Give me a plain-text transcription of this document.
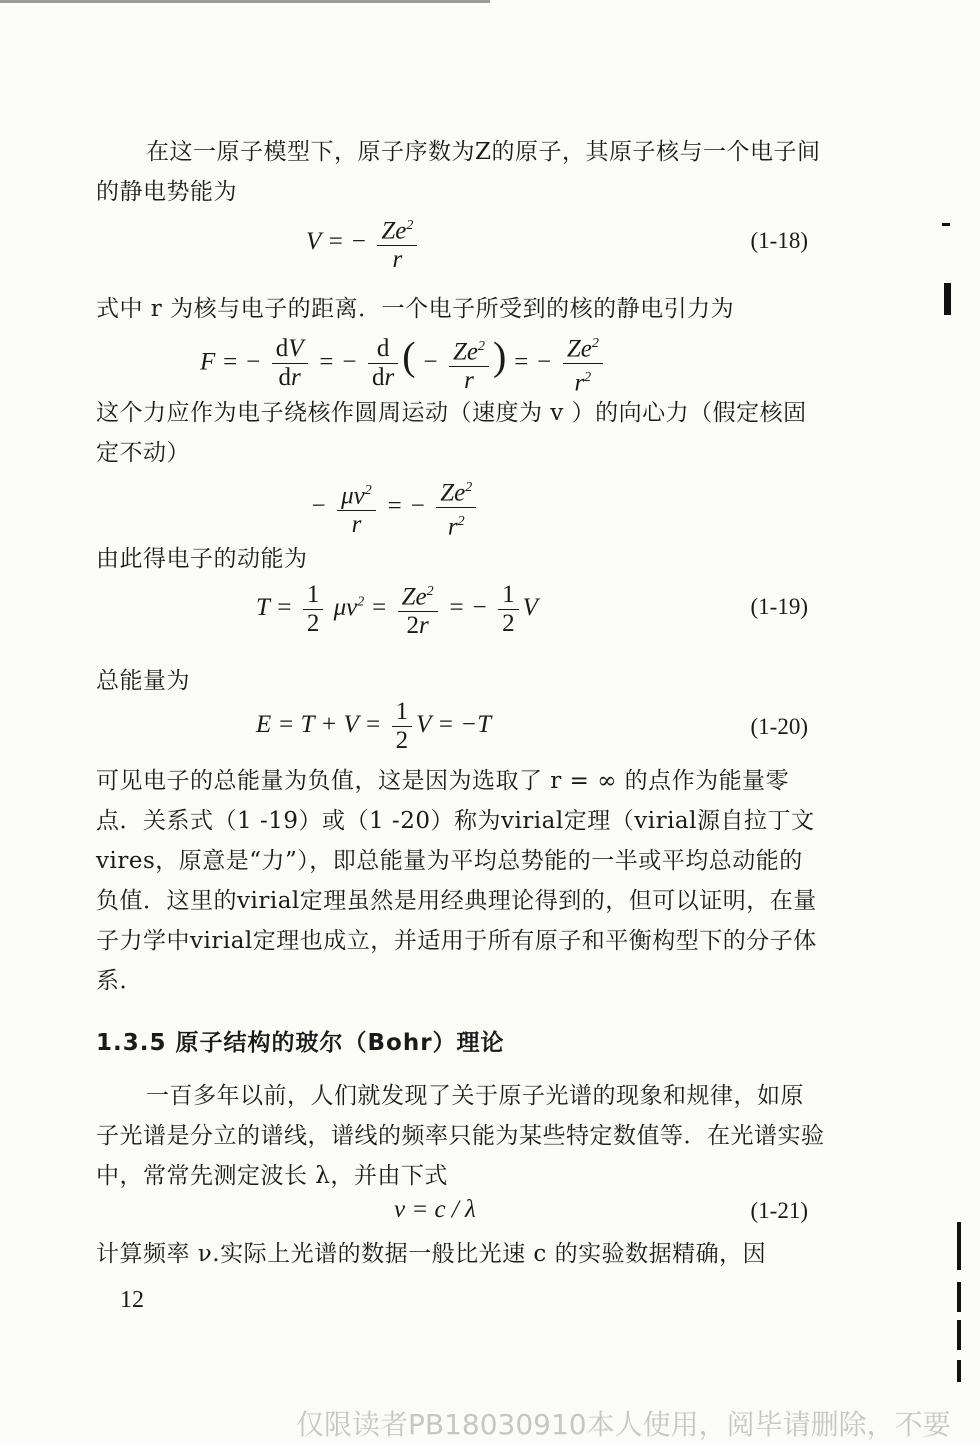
在这一原子模型下，原子序数为Z的原子，其原子核与一个电子间的静电势能为
V = − $\frac{Ze^2}{r}$	(1-18)
式中 r 为核与电子的距离．一个电子所受到的核的静电引力为
F = − $\frac{dV}{dr}$ = − $\frac{d}{dr}$ ( − $\frac{Ze^2}{r}$ ) = − $\frac{Ze^2}{r^2}$
这个力应作为电子绕核作圆周运动（速度为 v ）的向心力（假定核固定不动）
− $\frac{\mu v^2}{r}$ = − $\frac{Ze^2}{r^2}$
由此得电子的动能为
$T = \frac{1}{2} \mu v^2 = \frac{Ze^2}{2r}$ = − $\frac{1}{2}$ V	(1-19)
总能量为
$E = T + V = \frac{1}{2}$ V = −T	(1-20)
可见电子的总能量为负值，这是因为选取了 r = ∞ 的点作为能量零点．关系式（1 -19）或（1 -20）称为virial定理（virial源自拉丁文vires，原意是“力”），即总能量为平均总势能的一半或平均总动能的负值．这里的virial定理虽然是用经典理论得到的，但可以证明，在量子力学中virial定理也成立，并适用于所有原子和平衡构型下的分子体系．
1.3.5 原子结构的玻尔（Bohr）理论
一百多年以前，人们就发现了关于原子光谱的现象和规律，如原子光谱是分立的谱线，谱线的频率只能为某些特定数值等．在光谱实验中，常常先测定波长 λ，并由下式
ν = c / λ	(1-21)
计算频率 ν.实际上光谱的数据一般比光速 c 的实验数据精确，因
12
仅限读者PB18030910本人使用，阅毕请删除，不要
